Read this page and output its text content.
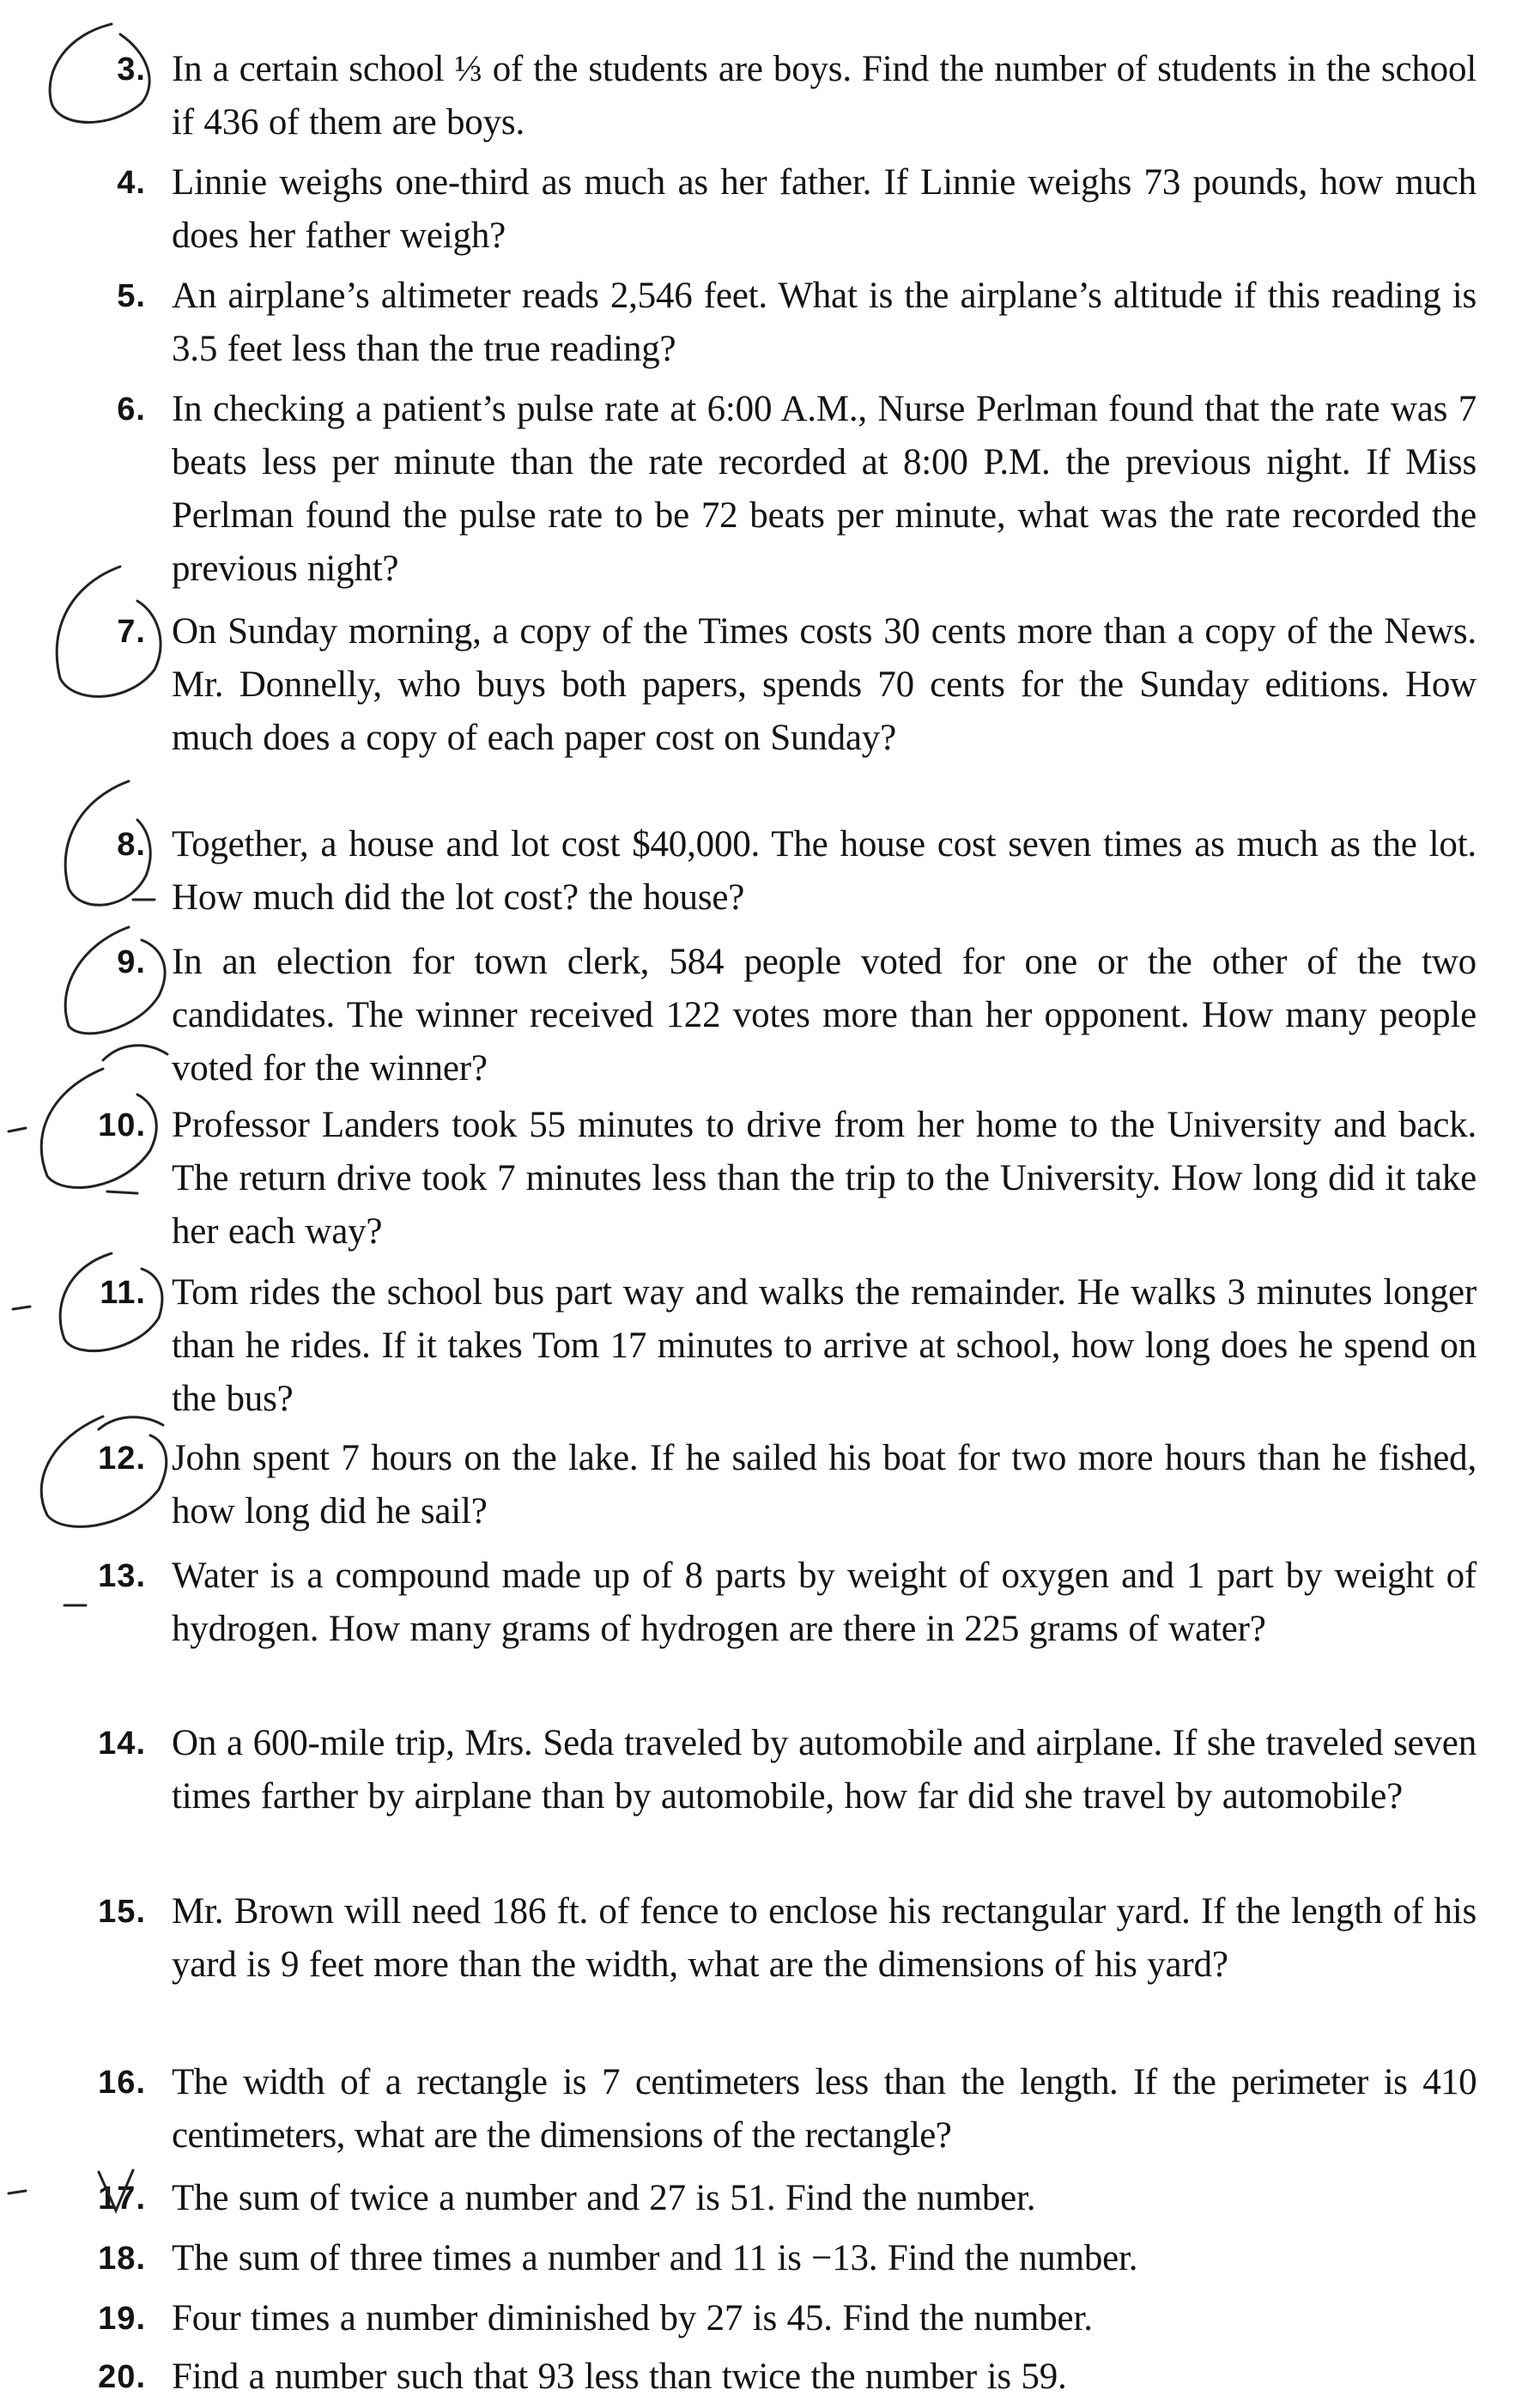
3. In a certain school ⅓ of the students are boys. Find the number of students in the school if 436 of them are boys.
4. Linnie weighs one-third as much as her father. If Linnie weighs 73 pounds, how much does her father weigh?
5. An airplane’s altimeter reads 2,546 feet. What is the airplane’s altitude if this reading is 3.5 feet less than the true reading?
6. In checking a patient’s pulse rate at 6:00 A.M., Nurse Perlman found that the rate was 7 beats less per minute than the rate recorded at 8:00 P.M. the previous night. If Miss Perlman found the pulse rate to be 72 beats per minute, what was the rate recorded the previous night?
7. On Sunday morning, a copy of the Times costs 30 cents more than a copy of the News. Mr. Donnelly, who buys both papers, spends 70 cents for the Sunday editions. How much does a copy of each paper cost on Sunday?
8. Together, a house and lot cost $40,000. The house cost seven times as much as the lot. How much did the lot cost? the house?
9. In an election for town clerk, 584 people voted for one or the other of the two candidates. The winner received 122 votes more than her opponent. How many people voted for the winner?
10. Professor Landers took 55 minutes to drive from her home to the University and back. The return drive took 7 minutes less than the trip to the University. How long did it take her each way?
11. Tom rides the school bus part way and walks the remainder. He walks 3 minutes longer than he rides. If it takes Tom 17 minutes to arrive at school, how long does he spend on the bus?
12. John spent 7 hours on the lake. If he sailed his boat for two more hours than he fished, how long did he sail?
13. Water is a compound made up of 8 parts by weight of oxygen and 1 part by weight of hydrogen. How many grams of hydrogen are there in 225 grams of water?
14. On a 600-mile trip, Mrs. Seda traveled by automobile and airplane. If she traveled seven times farther by airplane than by automobile, how far did she travel by automobile?
15. Mr. Brown will need 186 ft. of fence to enclose his rectangular yard. If the length of his yard is 9 feet more than the width, what are the dimensions of his yard?
16. The width of a rectangle is 7 centimeters less than the length. If the perimeter is 410 centimeters, what are the dimensions of the rectangle?
17. The sum of twice a number and 27 is 51. Find the number.
18. The sum of three times a number and 11 is −13. Find the number.
19. Four times a number diminished by 27 is 45. Find the number.
20. Find a number such that 93 less than twice the number is 59.
